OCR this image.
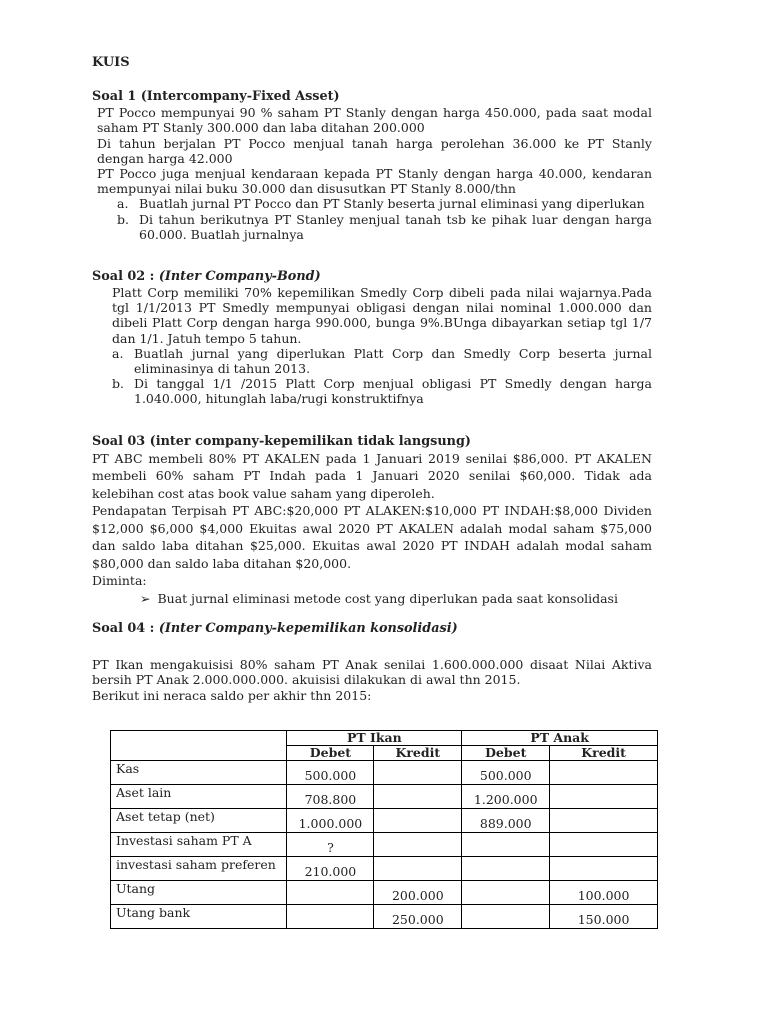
KUIS
Soal 1 (Intercompany-Fixed Asset)

PT Pocco mempunyai 90 % saham PT Stanly dengan harga 450.000, pada saat modal saham PT Stanly 300.000 dan laba ditahan 200.000

Di tahun berjalan PT Pocco menjual tanah harga perolehan 36.000 ke PT Stanly dengan harga 42.000

PT Pocco juga menjual kendaraan kepada PT Stanly dengan harga 40.000, kendaran mempunyai nilai buku 30.000 dan disusutkan PT Stanly 8.000/thn

a. Buatlah jurnal PT Pocco dan PT Stanly beserta jurnal eliminasi yang diperlukan
b. Di tahun berikutnya PT Stanley menjual tanah tsb ke pihak luar dengan harga 60.000. Buatlah jurnalnya
Soal 02 : (Inter Company-Bond)

Platt Corp memiliki 70% kepemilikan Smedly Corp dibeli pada nilai wajarnya.Pada tgl 1/1/2013 PT Smedly mempunyai obligasi dengan nilai nominal 1.000.000 dan dibeli Platt Corp dengan harga 990.000, bunga 9%.BUnga dibayarkan setiap tgl 1/7 dan 1/1. Jatuh tempo 5 tahun.

a. Buatlah jurnal yang diperlukan Platt Corp dan Smedly Corp beserta jurnal eliminasinya di tahun 2013.
b. Di tanggal 1/1 /2015 Platt Corp menjual obligasi PT Smedly dengan harga 1.040.000, hitunglah laba/rugi konstruktifnya
Soal 03 (inter company-kepemilikan tidak langsung)

PT ABC membeli 80% PT AKALEN pada 1 Januari 2019 senilai $86,000. PT AKALEN membeli 60% saham PT Indah pada 1 Januari 2020 senilai $60,000. Tidak ada kelebihan cost atas book value saham yang diperoleh.

Pendapatan Terpisah PT ABC:$20,000 PT ALAKEN:$10,000 PT INDAH:$8,000 Dividen $12,000 $6,000 $4,000 Ekuitas awal 2020 PT AKALEN adalah modal saham $75,000 dan saldo laba ditahan $25,000. Ekuitas awal 2020 PT INDAH adalah modal saham $80,000 dan saldo laba ditahan $20,000.

Diminta:

➢ Buat jurnal eliminasi metode cost yang diperlukan pada saat konsolidasi

Soal 04 : (Inter Company-kepemilikan konsolidasi)

PT Ikan mengakuisisi 80% saham PT Anak senilai 1.600.000.000 disaat Nilai Aktiva bersih PT Anak 2.000.000.000. akuisisi dilakukan di awal thn 2015.

Berikut ini neraca saldo per akhir thn 2015:

	PT Ikan		PT Anak	
	Debet	Kredit	Debet	Kredit
Kas	500.000		500.000	
Aset lain	708.800		1.200.000	
Aset tetap (net)	1.000.000		889.000	
Investasi saham PT A	?			
investasi saham preferen	210.000			
Utang		200.000		100.000
Utang bank		250.000		150.000
